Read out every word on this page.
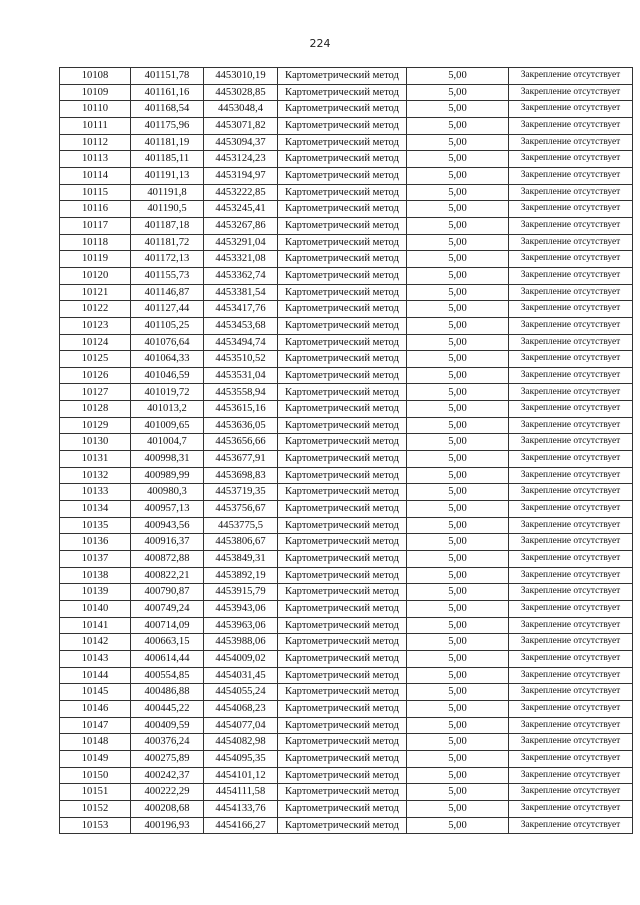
224
10108	401151,78	4453010,19	Картометрический метод	5,00	Закрепление отсутствует
10109	401161,16	4453028,85	Картометрический метод	5,00	Закрепление отсутствует
10110	401168,54	4453048,4	Картометрический метод	5,00	Закрепление отсутствует
10111	401175,96	4453071,82	Картометрический метод	5,00	Закрепление отсутствует
10112	401181,19	4453094,37	Картометрический метод	5,00	Закрепление отсутствует
10113	401185,11	4453124,23	Картометрический метод	5,00	Закрепление отсутствует
10114	401191,13	4453194,97	Картометрический метод	5,00	Закрепление отсутствует
10115	401191,8	4453222,85	Картометрический метод	5,00	Закрепление отсутствует
10116	401190,5	4453245,41	Картометрический метод	5,00	Закрепление отсутствует
10117	401187,18	4453267,86	Картометрический метод	5,00	Закрепление отсутствует
10118	401181,72	4453291,04	Картометрический метод	5,00	Закрепление отсутствует
10119	401172,13	4453321,08	Картометрический метод	5,00	Закрепление отсутствует
10120	401155,73	4453362,74	Картометрический метод	5,00	Закрепление отсутствует
10121	401146,87	4453381,54	Картометрический метод	5,00	Закрепление отсутствует
10122	401127,44	4453417,76	Картометрический метод	5,00	Закрепление отсутствует
10123	401105,25	4453453,68	Картометрический метод	5,00	Закрепление отсутствует
10124	401076,64	4453494,74	Картометрический метод	5,00	Закрепление отсутствует
10125	401064,33	4453510,52	Картометрический метод	5,00	Закрепление отсутствует
10126	401046,59	4453531,04	Картометрический метод	5,00	Закрепление отсутствует
10127	401019,72	4453558,94	Картометрический метод	5,00	Закрепление отсутствует
10128	401013,2	4453615,16	Картометрический метод	5,00	Закрепление отсутствует
10129	401009,65	4453636,05	Картометрический метод	5,00	Закрепление отсутствует
10130	401004,7	4453656,66	Картометрический метод	5,00	Закрепление отсутствует
10131	400998,31	4453677,91	Картометрический метод	5,00	Закрепление отсутствует
10132	400989,99	4453698,83	Картометрический метод	5,00	Закрепление отсутствует
10133	400980,3	4453719,35	Картометрический метод	5,00	Закрепление отсутствует
10134	400957,13	4453756,67	Картометрический метод	5,00	Закрепление отсутствует
10135	400943,56	4453775,5	Картометрический метод	5,00	Закрепление отсутствует
10136	400916,37	4453806,67	Картометрический метод	5,00	Закрепление отсутствует
10137	400872,88	4453849,31	Картометрический метод	5,00	Закрепление отсутствует
10138	400822,21	4453892,19	Картометрический метод	5,00	Закрепление отсутствует
10139	400790,87	4453915,79	Картометрический метод	5,00	Закрепление отсутствует
10140	400749,24	4453943,06	Картометрический метод	5,00	Закрепление отсутствует
10141	400714,09	4453963,06	Картометрический метод	5,00	Закрепление отсутствует
10142	400663,15	4453988,06	Картометрический метод	5,00	Закрепление отсутствует
10143	400614,44	4454009,02	Картометрический метод	5,00	Закрепление отсутствует
10144	400554,85	4454031,45	Картометрический метод	5,00	Закрепление отсутствует
10145	400486,88	4454055,24	Картометрический метод	5,00	Закрепление отсутствует
10146	400445,22	4454068,23	Картометрический метод	5,00	Закрепление отсутствует
10147	400409,59	4454077,04	Картометрический метод	5,00	Закрепление отсутствует
10148	400376,24	4454082,98	Картометрический метод	5,00	Закрепление отсутствует
10149	400275,89	4454095,35	Картометрический метод	5,00	Закрепление отсутствует
10150	400242,37	4454101,12	Картометрический метод	5,00	Закрепление отсутствует
10151	400222,29	4454111,58	Картометрический метод	5,00	Закрепление отсутствует
10152	400208,68	4454133,76	Картометрический метод	5,00	Закрепление отсутствует
10153	400196,93	4454166,27	Картометрический метод	5,00	Закрепление отсутствует
